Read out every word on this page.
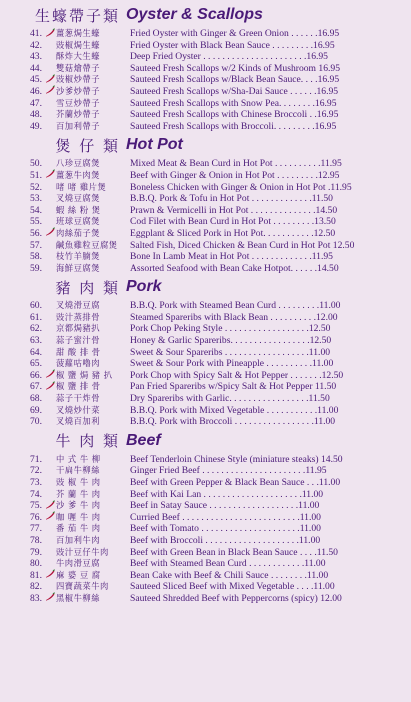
生蠔帶子類 Oyster & Scallops
41. 薑葱焗生蠔	Fried Oyster with Ginger & Green Onion . . . . . .16.95
42. 豉椒焗生蠔	Fried Oyster with Black Bean Sauce . . . . . . . . .16.95
43. 酥炸大生蠔	Deep Fried Oyster . . . . . . . . . . . . . . . . . . . . . .16.95
44. 雙菇燴帶子	Sauteed Fresh Scallops w/2 Kinds of Mushroom 16.95
45. 豉椒炒帶子	Sauteed Fresh Scallops w/Black Bean Sauce. . . .16.95
46. 沙爹炒帶子	Sauteed Fresh Scallops w/Sha-Dai Sauce . . . . . .16.95
47. 雪豆炒帶子	Sauteed Fresh Scallops with Snow Pea. . . . . . . .16.95
48. 芥蘭炒帶子	Sauteed Fresh Scallops with Chinese Broccoli . .16.95
49. 百加利帶子	Sauteed Fresh Scallops with Broccoli. . . . . . . . .16.95
煲 仔 類 Hot Pot
50. 八珍豆腐煲	Mixed Meat & Bean Curd in Hot Pot . . . . . . . . . .11.95
51. 薑葱牛肉煲	Beef with Ginger & Onion in Hot Pot . . . . . . . . .12.95
52. 啫 啫 雞片煲	Boneless Chicken with Ginger & Onion in Hot Pot .11.95
53. 叉燒豆腐煲	B.B.Q. Pork & Tofu in Hot Pot . . . . . . . . . . . . .11.50
54. 蝦 絲 粉 煲	Prawn & Vermicelli in Hot Pot . . . . . . . . . . . . . .14.50
55. 班球豆腐煲	Cod Filet with Bean Curd in Hot Pot . . . . . . . . .13.50
56. 肉絲茄子煲	Eggplant & Sliced Pork in Hot Pot. . . . . . . . . . .12.50
57. 鹹魚雞粒豆腐煲	Salted Fish, Diced Chicken & Bean Curd in Hot Pot 12.50
58. 枝竹羊腩煲	Bone In Lamb Meat in Hot Pot . . . . . . . . . . . . .11.95
59. 海鮮豆腐煲	Assorted Seafood with Bean Cake Hotpot. . . . . .14.50
豬 肉 類 Pork
60. 叉燒滑豆腐	B.B.Q. Pork with Steamed Bean Curd . . . . . . . . .11.00
61. 豉汁蒸排骨	Steamed Spareribs with Black Bean . . . . . . . . . .12.00
62. 京都焗豬扒	Pork Chop Peking Style . . . . . . . . . . . . . . . . . .12.50
63. 蒜子蜜汁骨	Honey & Garlic Spareribs. . . . . . . . . . . . . . . . .12.50
64. 甜 酸 排 骨	Sweet & Sour Spareribs . . . . . . . . . . . . . . . . . .11.00
65. 菠蘿咕嚕肉	Sweet & Sour Pork with Pineapple . . . . . . . . . .11.00
66. 椒 鹽 焗 豬 扒	Pork Chop with Spicy Salt & Hot Pepper . . . . . . .12.50
67. 椒 鹽 排 骨	Pan Fried Spareribs w/Spicy Salt & Hot Pepper 11.50
68. 蒜子干炸骨	Dry Spareribs with Garlic. . . . . . . . . . . . . . . . .11.50
69. 叉燒炒什菜	B.B.Q. Pork with Mixed Vegetable . . . . . . . . . . .11.00
70. 叉燒百加利	B.B.Q. Pork with Broccoli . . . . . . . . . . . . . . . . .11.00
牛 肉 類 Beef
71. 中 式 牛 柳	Beef Tenderloin Chinese Style (miniature steaks) 14.50
72. 干扁牛柳絲	Ginger Fried Beef . . . . . . . . . . . . . . . . . . . . . .11.95
73. 豉 椒 牛 肉	Beef with Green Pepper & Black Bean Sauce . . .11.00
74. 芥 蘭 牛 肉	Beef with Kai Lan . . . . . . . . . . . . . . . . . . . . .11.00
75. 沙 爹 牛 肉	Beef in Satay Sauce . . . . . . . . . . . . . . . . . . .11.00
76. 咖 喱 牛 肉	Curried Beef . . . . . . . . . . . . . . . . . . . . . . . . .11.00
77. 番 茄 牛 肉	Beef with Tomato . . . . . . . . . . . . . . . . . . . . .11.00
78. 百加利牛肉	Beef with Broccoli . . . . . . . . . . . . . . . . . . . .11.00
79. 豉汁豆仔牛肉	Beef with Green Bean in Black Bean Sauce . . . .11.50
80. 牛肉滑豆腐	Beef with Steamed Bean Curd . . . . . . . . . . . .11.00
81. 麻 婆 豆 腐	Bean Cake with Beef & Chili Sauce . . . . . . . .11.00
82. 四寶蔬菜牛肉	Sauteed Sliced Beef with Mixed Vegetable . . . .11.00
83. 黑椒牛柳絲	Sauteed Shredded Beef with Peppercorns (spicy) 12.00
